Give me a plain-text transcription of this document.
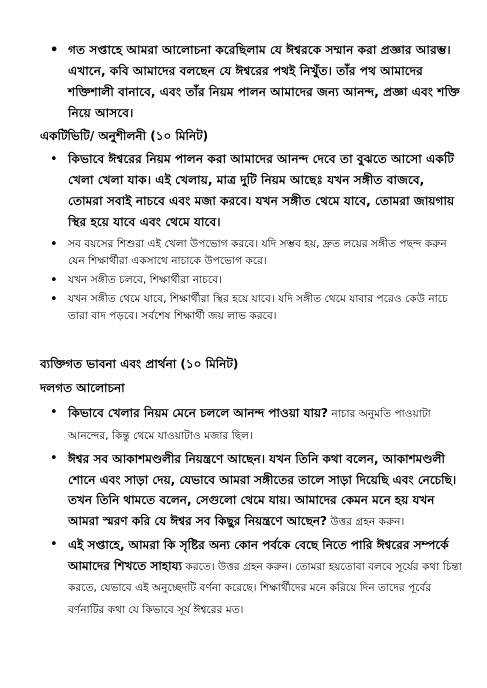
• গত সপ্তাহে আমরা আলোচনা করেছিলাম যে ঈশ্বরকে সম্মান করা প্রজ্ঞার আরম্ভ। এখানে, কবি আমাদের বলছেন যে ঈশ্বরের পথই নিখুঁত। তাঁর পথ আমাদের শক্তিশালী বানাবে, এবং তাঁর নিয়ম পালন আমাদের জন্য আনন্দ, প্রজ্ঞা এবং শক্তি নিয়ে আসবে।
একটিভিটি/ অনুশীলনী (১০ মিনিট)
• কিভাবে ঈশ্বরের নিয়ম পালন করা আমাদের আনন্দ দেবে তা বুঝতে আসো একটি খেলা খেলা যাক। এই খেলায়, মাত্র দুটি নিয়ম আছেঃ যখন সঙ্গীত বাজবে, তোমরা সবাই নাচবে এবং মজা করবে। যখন সঙ্গীত থেমে যাবে, তোমরা জায়গায় স্থির হয়ে যাবে এবং থেমে যাবে।
• সব বয়সের শিশুরা এই খেলা উপভোগ করবে। যদি সম্ভব হয়, দ্রুত লয়ের সঙ্গীত পছন্দ করুন যেন শিক্ষার্থীরা একসাথে নাচাকে উপভোগ করে।
• যখন সঙ্গীত চলবে, শিক্ষার্থীরা নাচবে।
• যখন সঙ্গীত থেমে যাবে, শিক্ষার্থীরা স্থির হয়ে যাবে। যদি সঙ্গীত থেমে যাবার পরেও কেউ নাচে তারা বাদ পড়বে। সর্বশেষ শিক্ষার্থী জয় লাভ করবে।
ব্যক্তিগত ভাবনা এবং প্রার্থনা (১০ মিনিট)
দলগত আলোচনা
• কিভাবে খেলার নিয়ম মেনে চললে আনন্দ পাওয়া যায়? নাচার অনুমতি পাওয়াটা আনন্দের, কিন্তু থেমে যাওয়াটাও মজার ছিল।
• ঈশ্বর সব আকাশমণ্ডলীর নিয়ন্ত্রণে আছেন। যখন তিনি কথা বলেন, আকাশমণ্ডলী শোনে এবং সাড়া দেয়, যেভাবে আমরা সঙ্গীতের তালে সাড়া দিয়েছি এবং নেচেছি। তখন তিনি থামতে বলেন, সেগুলো থেমে যায়। আমাদের কেমন মনে হয় যখন আমরা স্মরণ করি যে ঈশ্বর সব কিছুর নিয়ন্ত্রণে আছেন? উত্তর গ্রহন করুন।
• এই সপ্তাহে, আমরা কি সৃষ্টির অন্য কোন পর্বকে বেছে নিতে পারি ঈশ্বরের সম্পর্কে আমাদের শিখতে সাহায্য করতে। উত্তর গ্রহন করুন। তোমরা হয়তোবা বলবে সূর্যের কথা চিন্তা করতে, যেভাবে এই অনুচ্ছেদটি বর্ণনা করেছে। শিক্ষার্থীদের মনে করিয়ে দিন তাদের পূর্বের বর্ণনাটির কথা যে কিভাবে সূর্য ঈশ্বরের মত।
